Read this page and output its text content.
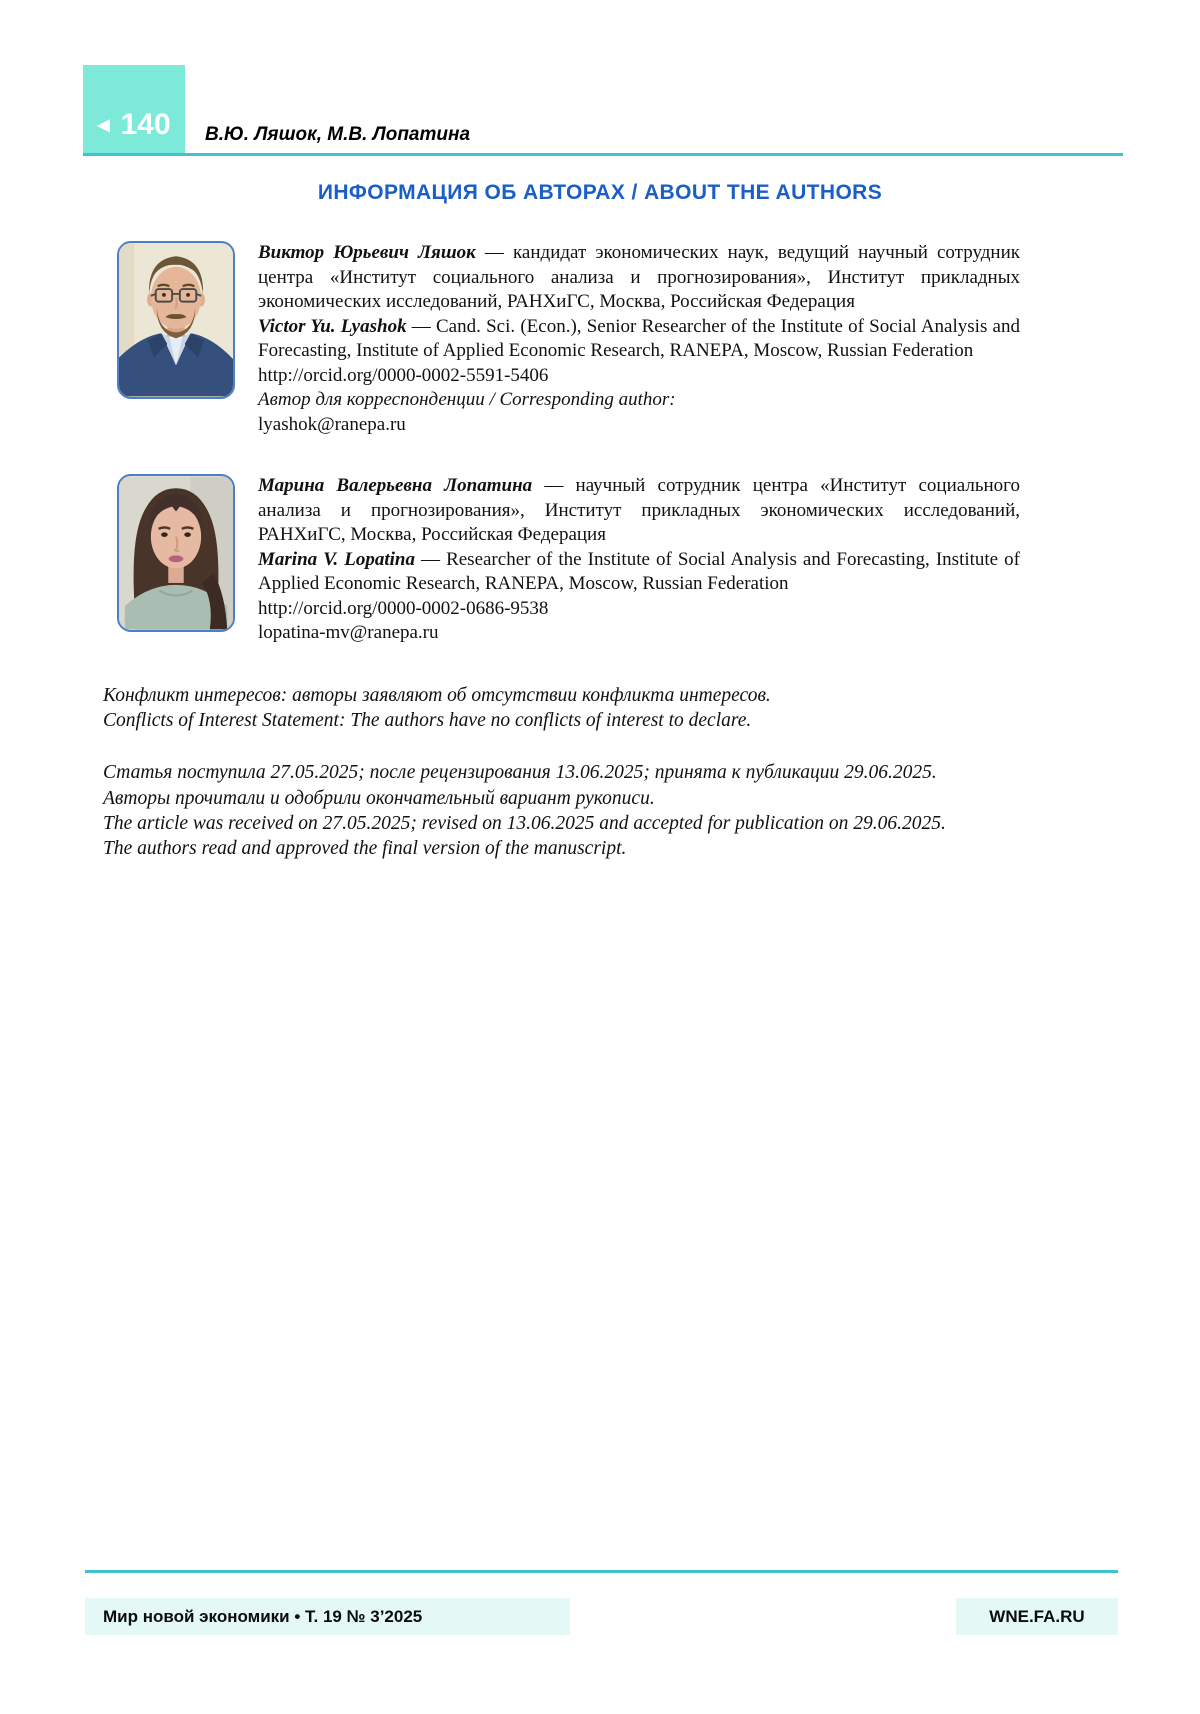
◀ 140 В.Ю. Ляшок, М.В. Лопатина
ИНФОРМАЦИЯ ОБ АВТОРАХ / ABOUT THE AUTHORS

Виктор Юрьевич Ляшок — кандидат экономических наук, ведущий научный сотрудник центра «Институт социального анализа и прогнозирования», Институт прикладных экономических исследований, РАНХиГС, Москва, Российская Федерация

Victor Yu. Lyashok — Cand. Sci. (Econ.), Senior Researcher of the Institute of Social Analysis and Forecasting, Institute of Applied Economic Research, RANEPA, Moscow, Russian Federation

http://orcid.org/0000-0002-5591-5406

Автор для корреспонденции / Corresponding author:

lyashok@ranepa.ru

Марина Валерьевна Лопатина — научный сотрудник центра «Институт социального анализа и прогнозирования», Институт прикладных экономических исследований, РАНХиГС, Москва, Российская Федерация

Marina V. Lopatina — Researcher of the Institute of Social Analysis and Forecasting, Institute of Applied Economic Research, RANEPA, Moscow, Russian Federation

http://orcid.org/0000-0002-0686-9538

lopatina-mv@ranepa.ru

Конфликт интересов: авторы заявляют об отсутствии конфликта интересов.

Conflicts of Interest Statement: The authors have no conflicts of interest to declare.

Статья поступила 27.05.2025; после рецензирования 13.06.2025; принята к публикации 29.06.2025.

Авторы прочитали и одобрили окончательный вариант рукописи.

The article was received on 27.05.2025; revised on 13.06.2025 and accepted for publication on 29.06.2025.

The authors read and approved the final version of the manuscript.

Мир новой экономики • Т. 19 № 3’2025	WNE.FA.RU
